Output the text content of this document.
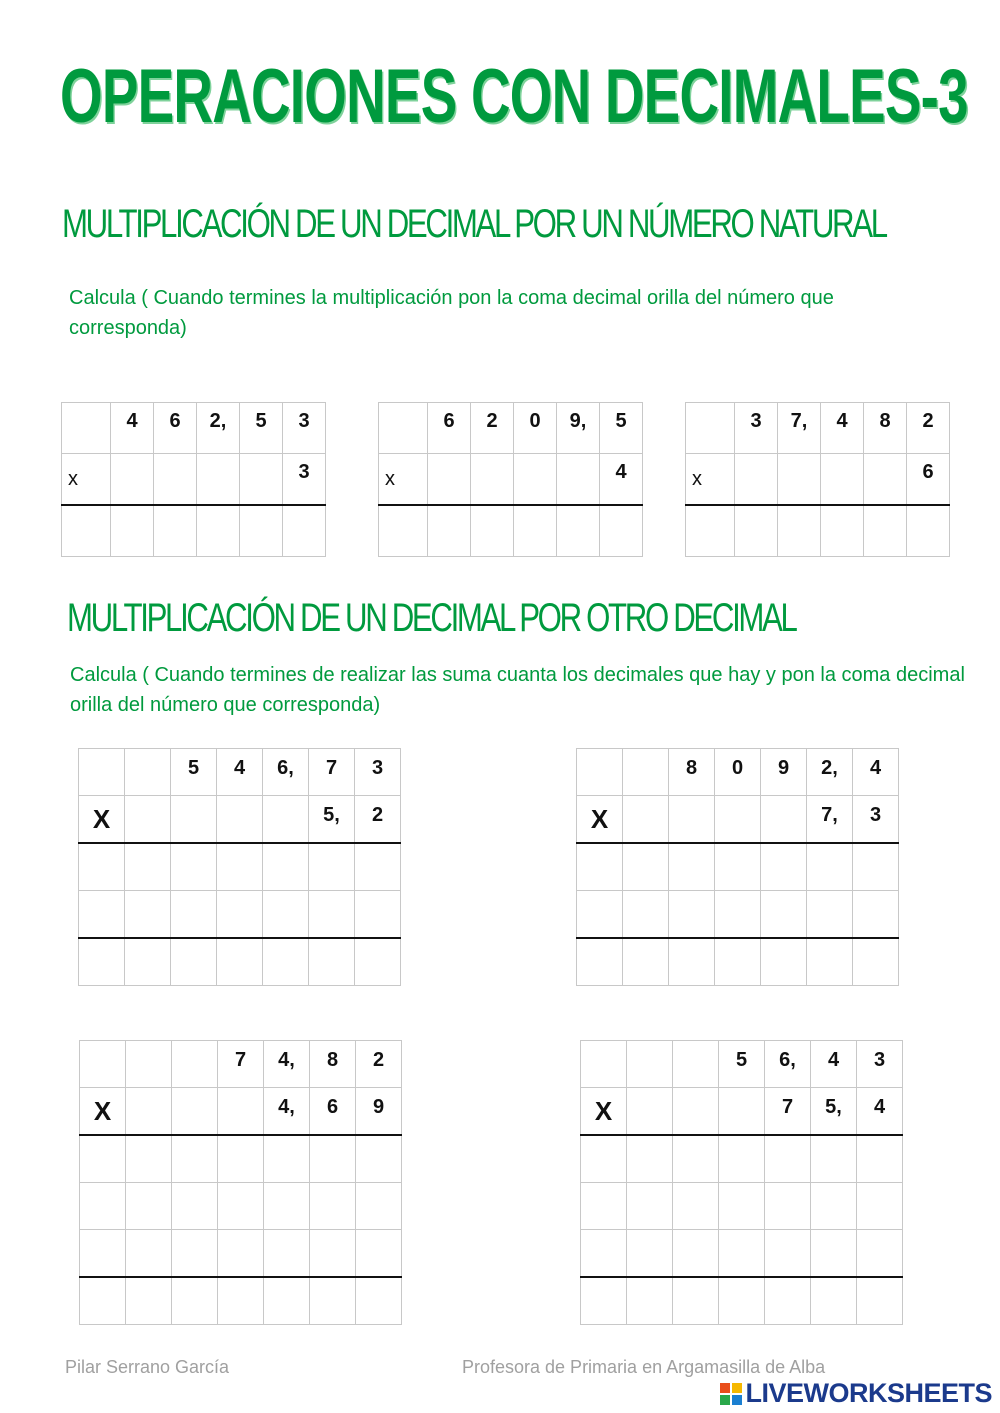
OPERACIONES CON DECIMALES-3
MULTIPLICACIÓN DE UN DECIMAL POR UN NÚMERO NATURAL
Calcula ( Cuando termines la multiplicación pon la coma decimal orilla del número que corresponda)
	4	6	2,	5	3
x					3

	6	2	0	9,	5
x					4

	3	7,	4	8	2
x					6

MULTIPLICACIÓN DE UN DECIMAL POR OTRO DECIMAL
Calcula ( Cuando termines de realizar las suma cuanta los decimales que hay y pon la coma decimal orilla del número que corresponda)
		5	4	6,	7	3
X					5,	2

		8	0	9	2,	4
X					7,	3

			7	4,	8	2
X				4,	6	9

			5	6,	4	3
X				7	5,	4

Pilar Serrano García	Profesora de Primaria en Argamasilla de Alba
LIVEWORKSHEETS
